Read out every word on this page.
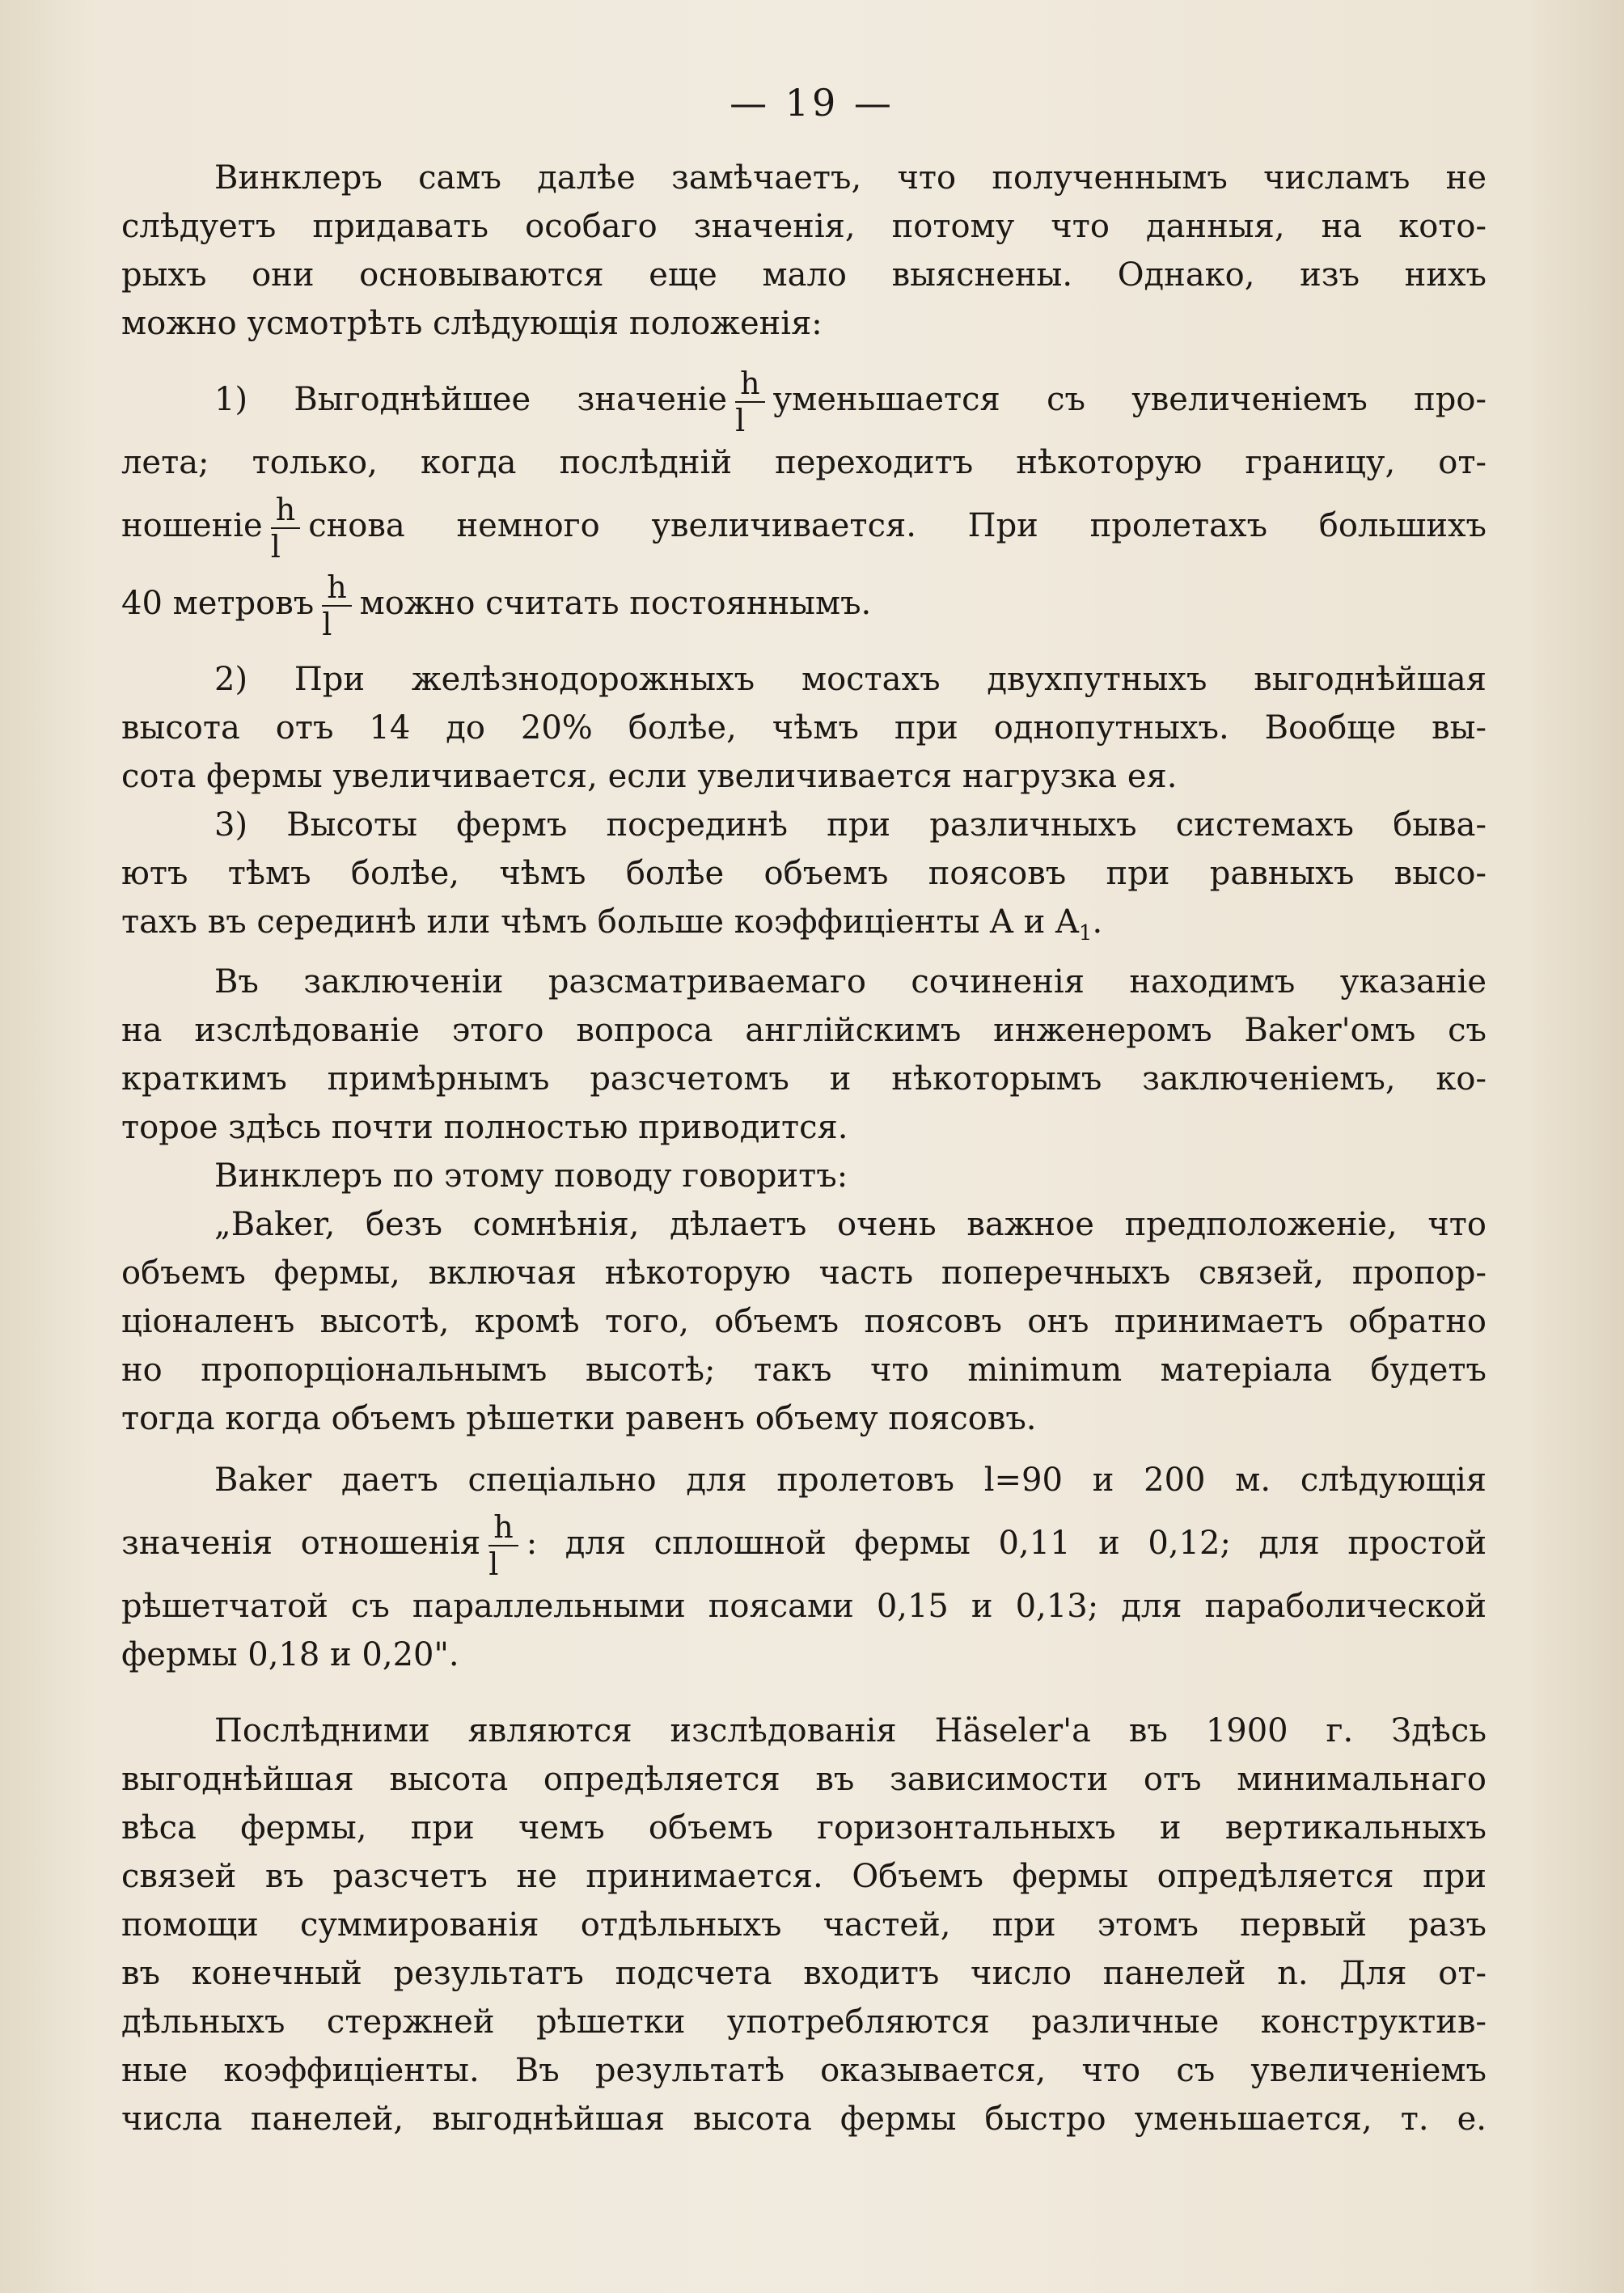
— 19 —
Винклеръ самъ далѣе замѣчаетъ, что полученнымъ числамъ не
слѣдуетъ придавать особаго значенія, потому что данныя, на кото-
рыхъ они основываются еще мало выяснены. Однако, изъ нихъ
можно усмотрѣть слѣдующія положенія:
1) Выгоднѣйшее значеніе $\frac{h}{l}$ уменьшается съ увеличеніемъ про-
лета; только, когда послѣдній переходитъ нѣкоторую границу, от-
ношеніе $\frac{h}{l}$ снова немного увеличивается. При пролетахъ большихъ
40 метровъ $\frac{h}{l}$ можно считать постояннымъ.
2) При желѣзнодорожныхъ мостахъ двухпутныхъ выгоднѣйшая
высота отъ 14 до 20% болѣе, чѣмъ при однопутныхъ. Вообще вы-
сота фермы увеличивается, если увеличивается нагрузка ея.
3) Высоты фермъ посрединѣ при различныхъ системахъ быва-
ютъ тѣмъ болѣе, чѣмъ болѣе объемъ поясовъ при равныхъ высо-
тахъ въ серединѣ или чѣмъ больше коэффиціенты A и $A_1$.
Въ заключеніи разсматриваемаго сочиненія находимъ указаніе
на изслѣдованіе этого вопроса англійскимъ инженеромъ Baker'омъ съ
краткимъ примѣрнымъ разсчетомъ и нѣкоторымъ заключеніемъ, ко-
торое здѣсь почти полностью приводится.
Винклеръ по этому поводу говоритъ:
„Baker, безъ сомнѣнія, дѣлаетъ очень важное предположеніе, что
объемъ фермы, включая нѣкоторую часть поперечныхъ связей, пропор-
ціоналенъ высотѣ, кромѣ того, объемъ поясовъ онъ принимаетъ обратно
но пропорціональнымъ высотѣ; такъ что minimum матеріала будетъ
тогда когда объемъ рѣшетки равенъ объему поясовъ.
Baker даетъ спеціально для пролетовъ l=90 и 200 м. слѣдующія
значенія отношенія $\frac{h}{l}$ : для сплошной фермы 0,11 и 0,12; для простой
рѣшетчатой съ параллельными поясами 0,15 и 0,13; для параболической
фермы 0,18 и 0,20".
Послѣдними являются изслѣдованія Häseler'a въ 1900 г. Здѣсь
выгоднѣйшая высота опредѣляется въ зависимости отъ минимальнаго
вѣса фермы, при чемъ объемъ горизонтальныхъ и вертикальныхъ
связей въ разсчетъ не принимается. Объемъ фермы опредѣляется при
помощи суммированія отдѣльныхъ частей, при этомъ первый разъ
въ конечный результатъ подсчета входитъ число панелей n. Для от-
дѣльныхъ стержней рѣшетки употребляются различные конструктив-
ные коэффиціенты. Въ результатѣ оказывается, что съ увеличеніемъ
числа панелей, выгоднѣйшая высота фермы быстро уменьшается, т. е.
